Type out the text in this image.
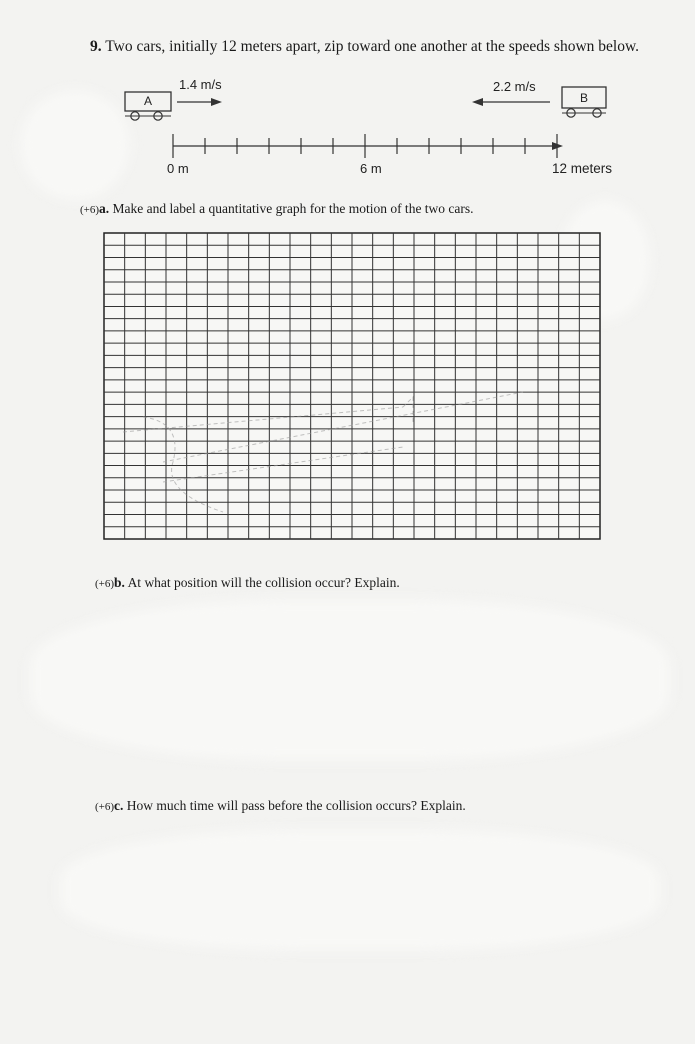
9. Two cars, initially 12 meters apart, zip toward one another at the speeds shown below.
1.4 m/s	2.2 m/s
A	B
0 m	6 m	12 meters
(+6)a. Make and label a quantitative graph for the motion of the two cars.
(+6)b. At what position will the collision occur? Explain.
(+6)c. How much time will pass before the collision occurs? Explain.
